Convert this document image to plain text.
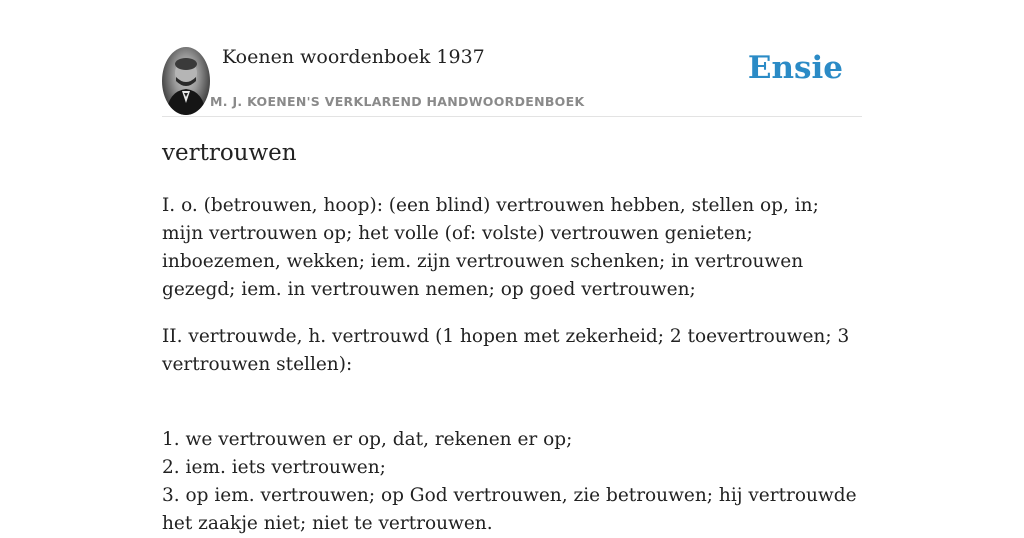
Koenen woordenboek 1937
M. J. KOENEN'S VERKLAREND HANDWOORDENBOEK
Ensie
vertrouwen

I. o. (betrouwen, hoop): (een blind) vertrouwen hebben, stellen op, in; mijn vertrouwen op; het volle (of: volste) vertrouwen genieten; inboezemen, wekken; iem. zijn vertrouwen schenken; in vertrouwen gezegd; iem. in vertrouwen nemen; op goed vertrouwen;

II. vertrouwde, h. vertrouwd (1 hopen met zekerheid; 2 toevertrouwen; 3 vertrouwen stellen):

1. we vertrouwen er op, dat, rekenen er op;
2. iem. iets vertrouwen;
3. op iem. vertrouwen; op God vertrouwen, zie betrouwen; hij vertrouwde het zaakje niet; niet te vertrouwen.
